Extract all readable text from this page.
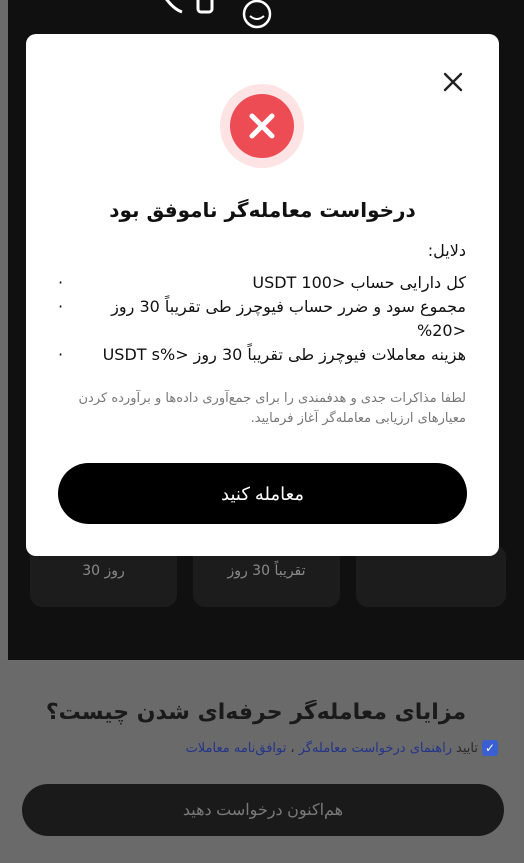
30 روز	تقریباً 30 روز
مزایای معامله‌گر حرفه‌ای شدن چیست؟
✓
تایید
راهنمای درخواست معامله‌گر
،
توافق‌نامه معاملات
هم‌اکنون درخواست دهید
درخواست معامله‌گر ناموفق بود

دلایل:

·	کل دارایی حساب <100 USDT
·	مجموع سود و ضرر حساب فیوچرز طی تقریباً 30 روز <20%
· هزینه معاملات فیوچرز طی تقریباً 30 روز <%USDT s
لطفا مذاکرات جدی و هدفمندی را برای جمع‌آوری داده‌ها و برآورده کردن معیارهای ارزیابی معامله‌گر آغاز فرمایید.
معامله کنید
